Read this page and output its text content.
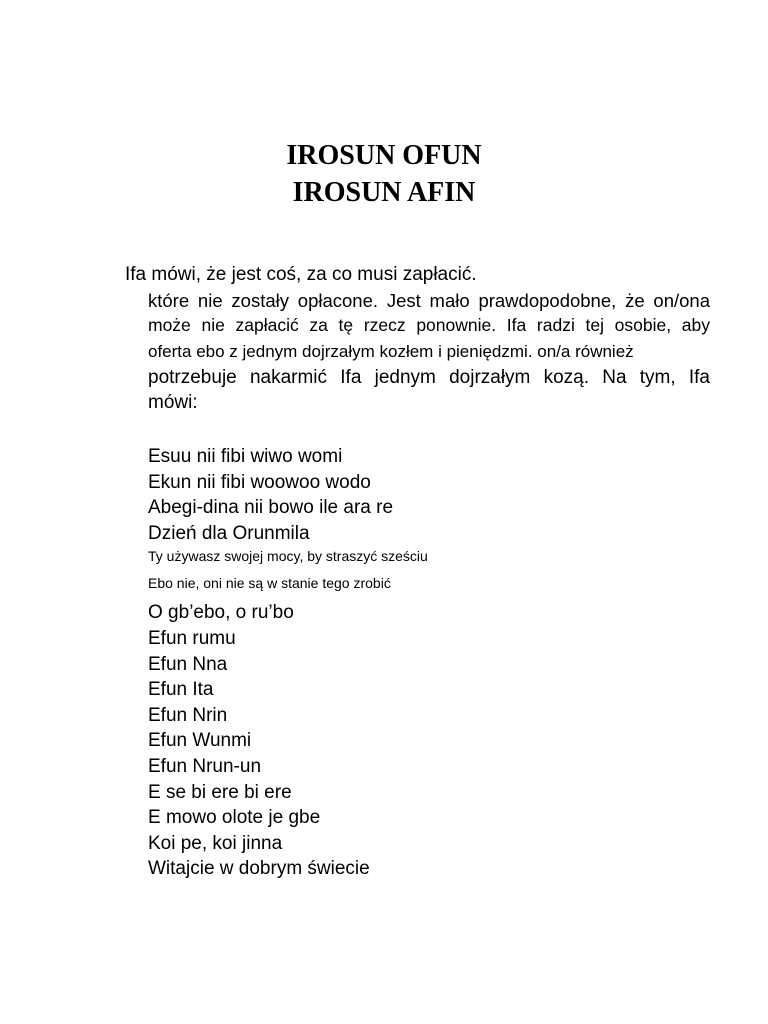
IROSUN OFUN
IROSUN AFIN
Ifa mówi, że jest coś, za co musi zapłacić.
które nie zostały opłacone. Jest mało prawdopodobne, że on/ona
może nie zapłacić za tę rzecz ponownie. Ifa radzi tej osobie, aby
oferta ebo z jednym dojrzałym kozłem i pieniędzmi. on/a również
potrzebuje nakarmić Ifa jednym dojrzałym kozą. Na tym, Ifa
mówi:
Esuu nii fibi wiwo womi
Ekun nii fibi woowoo wodo
Abegi-dina nii bowo ile ara re
Dzień dla Orunmila
Ty używasz swojej mocy, by straszyć sześciu
Ebo nie, oni nie są w stanie tego zrobić
O gb’ebo, o ru’bo
Efun rumu
Efun Nna
Efun Ita
Efun Nrin
Efun Wunmi
Efun Nrun-un
E se bi ere bi ere
E mowo olote je gbe
Koi pe, koi jinna
Witajcie w dobrym świecie
